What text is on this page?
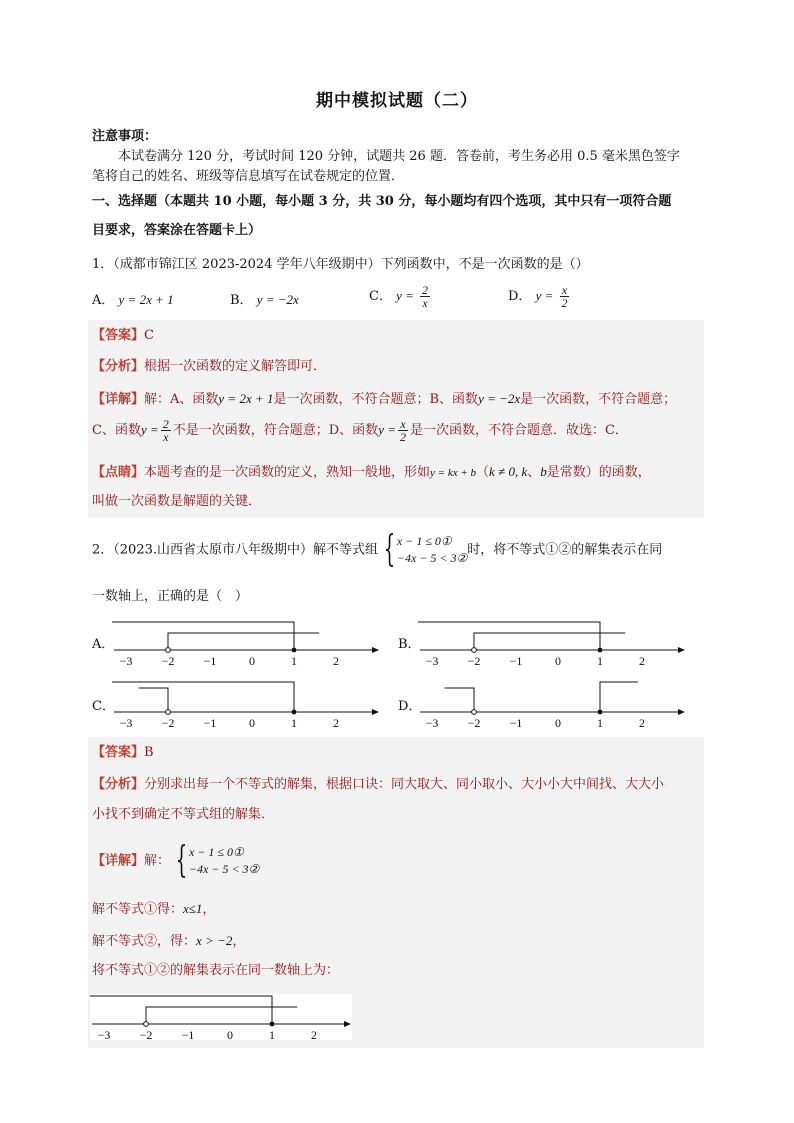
期中模拟试题（二）
注意事项：
本试卷满分 120 分，考试时间 120 分钟，试题共 26 题．答卷前，考生务必用 0.5 毫米黑色签字
笔将自己的姓名、班级等信息填写在试卷规定的位置．
一、选择题（本题共 10 小题，每小题 3 分，共 30 分，每小题均有四个选项，其中只有一项符合题
目要求，答案涂在答题卡上）
1．（成都市锦江区 2023-2024 学年八年级期中）下列函数中，不是一次函数的是（）
A． y = 2x + 1	B． y = −2x	C． $y = \frac{2}{x}$	D． $y = \frac{x}{2}$
【答案】C
【分析】根据一次函数的定义解答即可．
【详解】解：A、函数y = 2x + 1是一次函数，不符合题意；B、函数y = −2x是一次函数，不符合题意；
C、函数$y = \frac{2}{x}$ 不是一次函数，符合题意；D、函数$y = \frac{x}{2}$ 是一次函数，不符合题意．故选：C．
【点睛】本题考查的是一次函数的定义，熟知一般地，形如y = kx + b（k ≠ 0, k、b是常数）的函数，
叫做一次函数是解题的关键．
2．（2023.山西省太原市八年级期中）解不等式组 { x − 1 ≤ 0①
−4x − 5 < 3②
时，将不等式①②的解集表示在同
一数轴上，正确的是（　）
A．
−3 −2 −1	0	1	2
B．
−3 −2 −1	0	1	2
C．
−3 −2 −1	0	1	2
D．
−3 −2 −1	0	1	2
【答案】B
【分析】分别求出每一个不等式的解集，根据口诀：同大取大、同小取小、大小小大中间找、大大小
小找不到确定不等式组的解集．
【详解】解： { x − 1 ≤ 0①
−4x − 5 < 3②
解不等式①得：x≤1，
解不等式②，得：x > −2，
将不等式①②的解集表示在同一数轴上为：
−3 −2 −1	0	1	2
